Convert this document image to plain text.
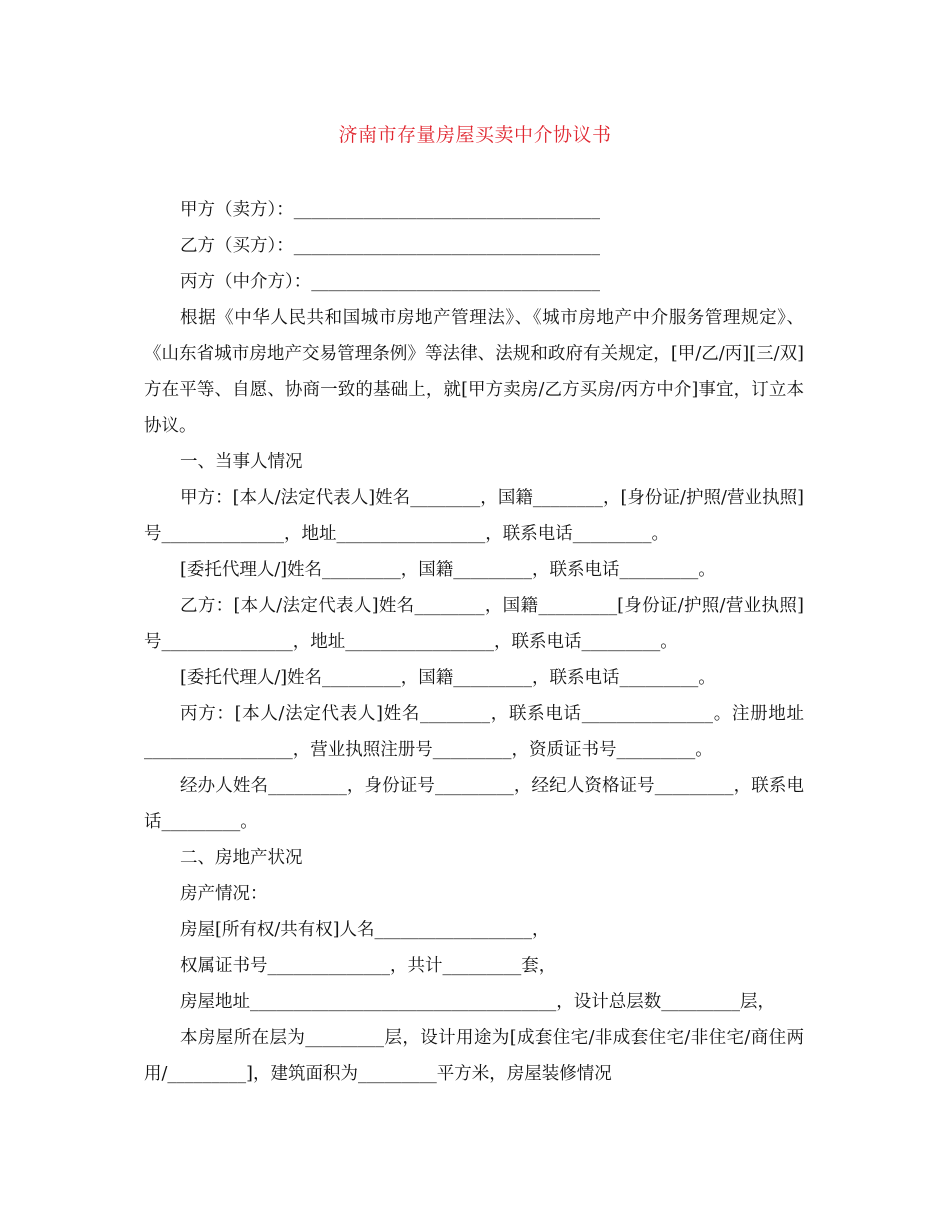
济南市存量房屋买卖中介协议书

甲方（卖方）：___________________________________

乙方（买方）：___________________________________

丙方（中介方）：_________________________________

根据《中华人民共和国城市房地产管理法》、《城市房地产中介服务管理规定》、《山东省城市房地产交易管理条例》等法律、法规和政府有关规定，[甲/乙/丙][三/双]方在平等、自愿、协商一致的基础上，就[甲方卖房/乙方买房/丙方中介]事宜，订立本协议。

一、当事人情况

甲方：[本人/法定代表人]姓名________，国籍________，[身份证/护照/营业执照]号______________，地址_________________，联系电话_________。

[委托代理人/]姓名_________，国籍_________，联系电话_________。

乙方：[本人/法定代表人]姓名________，国籍_________[身份证/护照/营业执照]号_______________，地址_________________，联系电话_________。

[委托代理人/]姓名_________，国籍_________，联系电话_________。

丙方：[本人/法定代表人]姓名________，联系电话_______________。注册地址_________________，营业执照注册号_________，资质证书号_________。

经办人姓名_________，身份证号_________，经纪人资格证号_________，联系电话_________。

二、房地产状况

房产情况：

房屋[所有权/共有权]人名__________________，

权属证书号______________，共计_________套，

房屋地址___________________________________，设计总层数_________层，

本房屋所在层为_________层，设计用途为[成套住宅/非成套住宅/非住宅/商住两用/_________]，建筑面积为_________平方米，房屋装修情况
